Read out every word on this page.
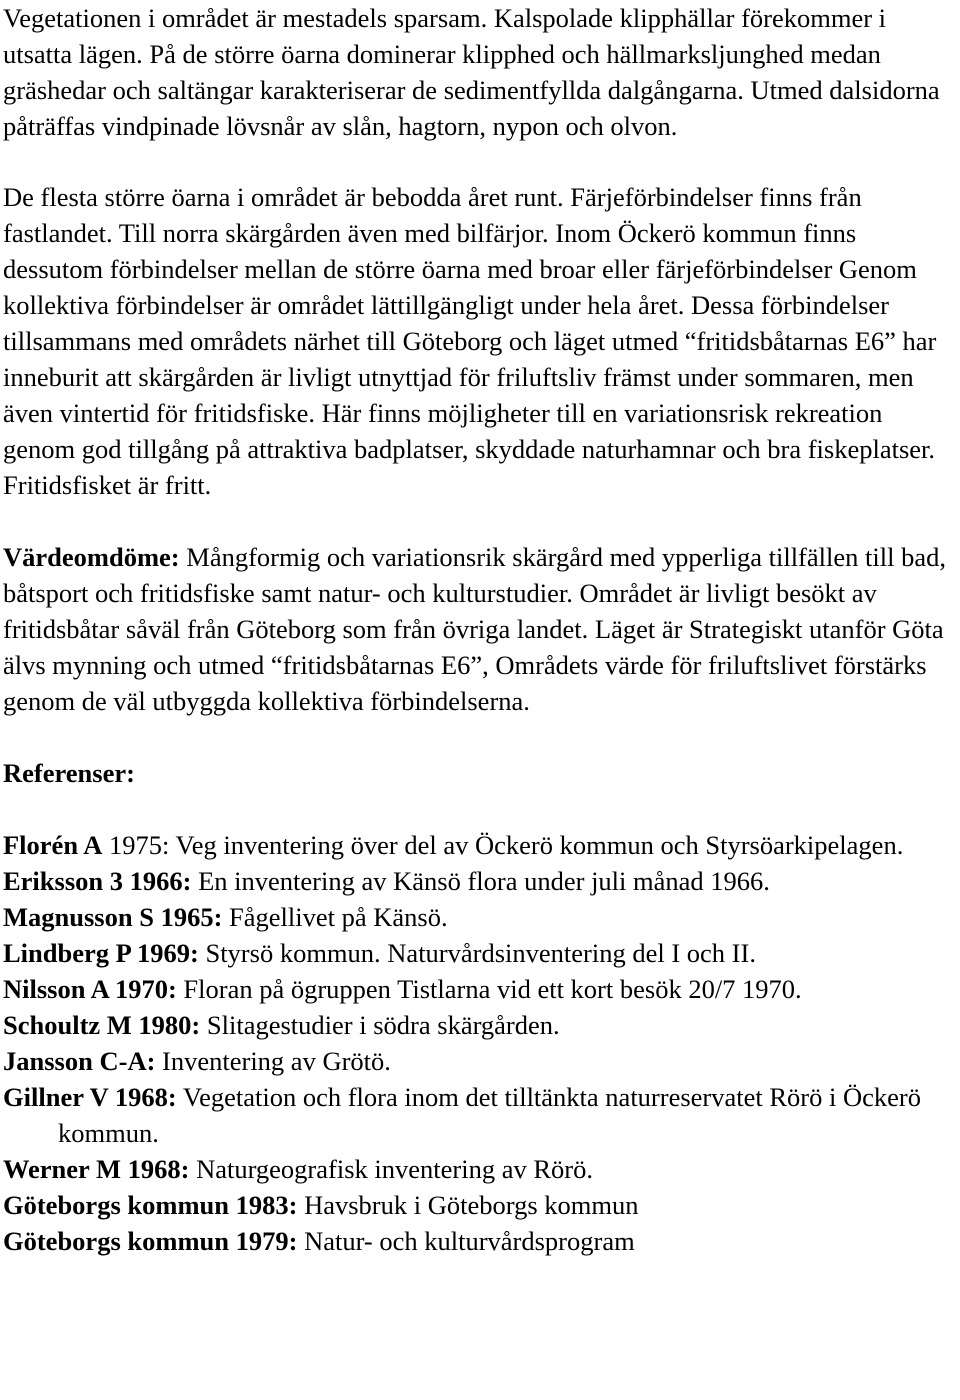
Vegetationen i området är mestadels sparsam. Kalspolade klipphällar förekommer i utsatta lägen. På de större öarna dominerar klipphed och hällmarksljunghed medan gräshedar och saltängar karakteriserar de sedimentfyllda dalgångarna. Utmed dalsidorna påträffas vindpinade lövsnår av slån, hagtorn, nypon och olvon.

De flesta större öarna i området är bebodda året runt. Färjeförbindelser finns från fastlandet. Till norra skärgården även med bilfärjor. Inom Öckerö kommun finns dessutom förbindelser mellan de större öarna med broar eller färjeförbindelser Genom kollektiva förbindelser är området lättillgängligt under hela året. Dessa förbindelser tillsammans med områdets närhet till Göteborg och läget utmed “fritidsbåtarnas E6” har inneburit att skärgården är livligt utnyttjad för friluftsliv främst under sommaren, men även vintertid för fritidsfiske. Här finns möjligheter till en variationsrisk rekreation genom god tillgång på attraktiva badplatser, skyddade naturhamnar och bra fiskeplatser. Fritidsfisket är fritt.

Värdeomdöme: Mångformig och variationsrik skärgård med ypperliga tillfällen till bad, båtsport och fritidsfiske samt natur- och kulturstudier. Området är livligt besökt av fritidsbåtar såväl från Göteborg som från övriga landet. Läget är Strategiskt utanför Göta älvs mynning och utmed “fritidsbåtarnas E6”, Områdets värde för friluftslivet förstärks genom de väl utbyggda kollektiva förbindelserna.

Referenser:

Florén A 1975: Veg inventering över del av Öckerö kommun och Styrsöarkipelagen.

Eriksson 3 1966: En inventering av Känsö flora under juli månad 1966.

Magnusson S 1965: Fågellivet på Känsö.

Lindberg P 1969: Styrsö kommun. Naturvårdsinventering del I och II.

Nilsson A 1970: Floran på ögruppen Tistlarna vid ett kort besök 20/7 1970.

Schoultz M 1980: Slitagestudier i södra skärgården.

Jansson C-A: Inventering av Grötö.

Gillner V 1968: Vegetation och flora inom det tilltänkta naturreservatet Rörö i Öckerö kommun.

Werner M 1968: Naturgeografisk inventering av Rörö.

Göteborgs kommun 1983: Havsbruk i Göteborgs kommun

Göteborgs kommun 1979: Natur- och kulturvårdsprogram
